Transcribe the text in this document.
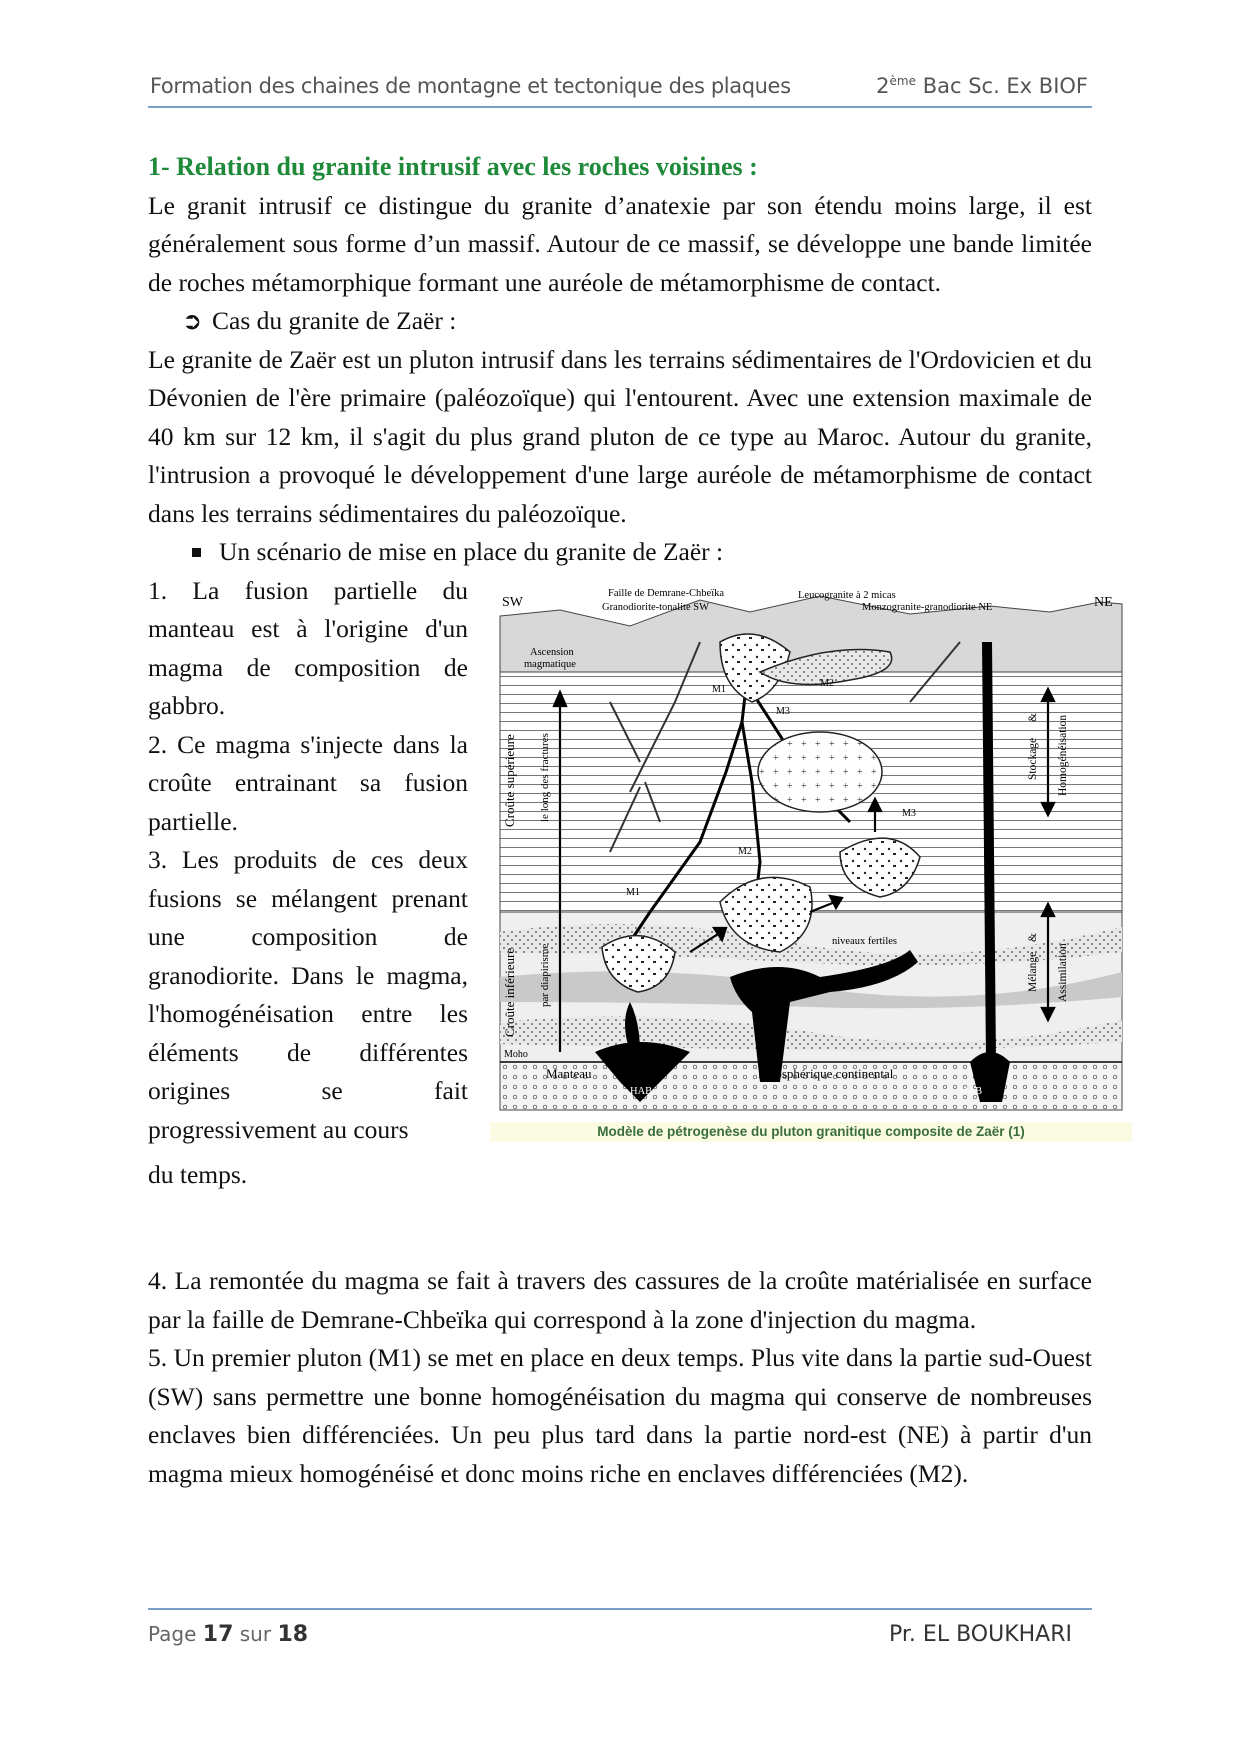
Formation des chaines de montagne et tectonique des plaques	2ème Bac Sc. Ex BIOF
1- Relation du granite intrusif avec les roches voisines :

Le granit intrusif ce distingue du granite d’anatexie par son étendu moins large, il est généralement sous forme d’un massif. Autour de ce massif, se développe une bande limitée de roches métamorphique formant une auréole de métamorphisme de contact.

➲ Cas du granite de Zaër :

Le granite de Zaër est un pluton intrusif dans les terrains sédimentaires de l'Ordovicien et du Dévonien de l'ère primaire (paléozoïque) qui l'entourent. Avec une extension maximale de 40 km sur 12 km, il s'agit du plus grand pluton de ce type au Maroc. Autour du granite, l'intrusion a provoqué le développement d'une large auréole de métamorphisme de contact dans les terrains sédimentaires du paléozoïque.

Un scénario de mise en place du granite de Zaër :

1. La fusion partielle du manteau est à l'origine d'un magma de composition de gabbro.

2. Ce magma s'injecte dans la croûte entrainant sa fusion partielle.

3. Les produits de ces deux fusions se mélangent prenant une composition de granodiorite. Dans le magma, l'homogénéisation entre les éléments de différentes origines se fait progressivement au cours

du temps.
SW	NE
Faille de Demrane-Chbeïka
Granodiorite-tonalite SW
Leucogranite à 2 micas
Monzogranite-granodiorite NE
Ascension
magmatique
M1
M2
M3
M3
M2
M1
niveaux fertiles
Moho
Manteau	lithosphérique continental
HAB	HAB
Croûte supérieure le long des fractures
Croûte inférieure par diapirisme
Stockage
& Homogénéisation
Mélange
&
Assimilation
Modèle de pétrogenèse du pluton granitique composite de Zaër (1)

4. La remontée du magma se fait à travers des cassures de la croûte matérialisée en surface par la faille de Demrane-Chbeïka qui correspond à la zone d'injection du magma.

5. Un premier pluton (M1) se met en place en deux temps. Plus vite dans la partie sud-Ouest (SW) sans permettre une bonne homogénéisation du magma qui conserve de nombreuses enclaves bien différenciées. Un peu plus tard dans la partie nord-est (NE) à partir d'un magma mieux homogénéisé et donc moins riche en enclaves différenciées (M2).

Page 17 sur 18	Pr. EL BOUKHARI
